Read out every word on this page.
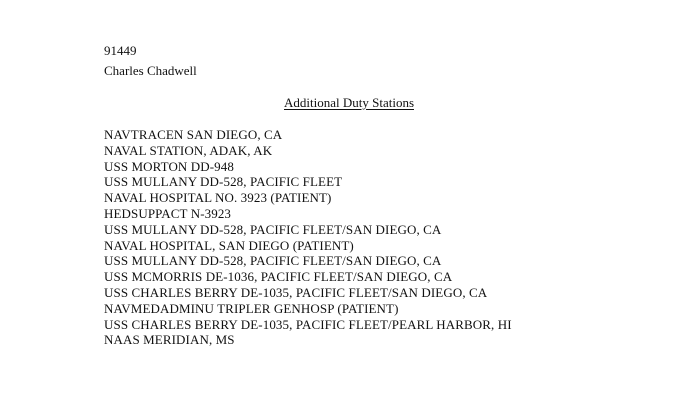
91449
Charles Chadwell
Additional Duty Stations
NAVTRACEN SAN DIEGO, CA
NAVAL STATION, ADAK, AK
USS MORTON DD-948
USS MULLANY DD-528, PACIFIC FLEET
NAVAL HOSPITAL NO. 3923 (PATIENT)
HEDSUPPACT N-3923
USS MULLANY DD-528, PACIFIC FLEET/SAN DIEGO, CA
NAVAL HOSPITAL, SAN DIEGO (PATIENT)
USS MULLANY DD-528, PACIFIC FLEET/SAN DIEGO, CA
USS MCMORRIS DE-1036, PACIFIC FLEET/SAN DIEGO, CA
USS CHARLES BERRY DE-1035, PACIFIC FLEET/SAN DIEGO, CA
NAVMEDADMINU TRIPLER GENHOSP (PATIENT)
USS CHARLES BERRY DE-1035, PACIFIC FLEET/PEARL HARBOR, HI
NAAS MERIDIAN, MS
